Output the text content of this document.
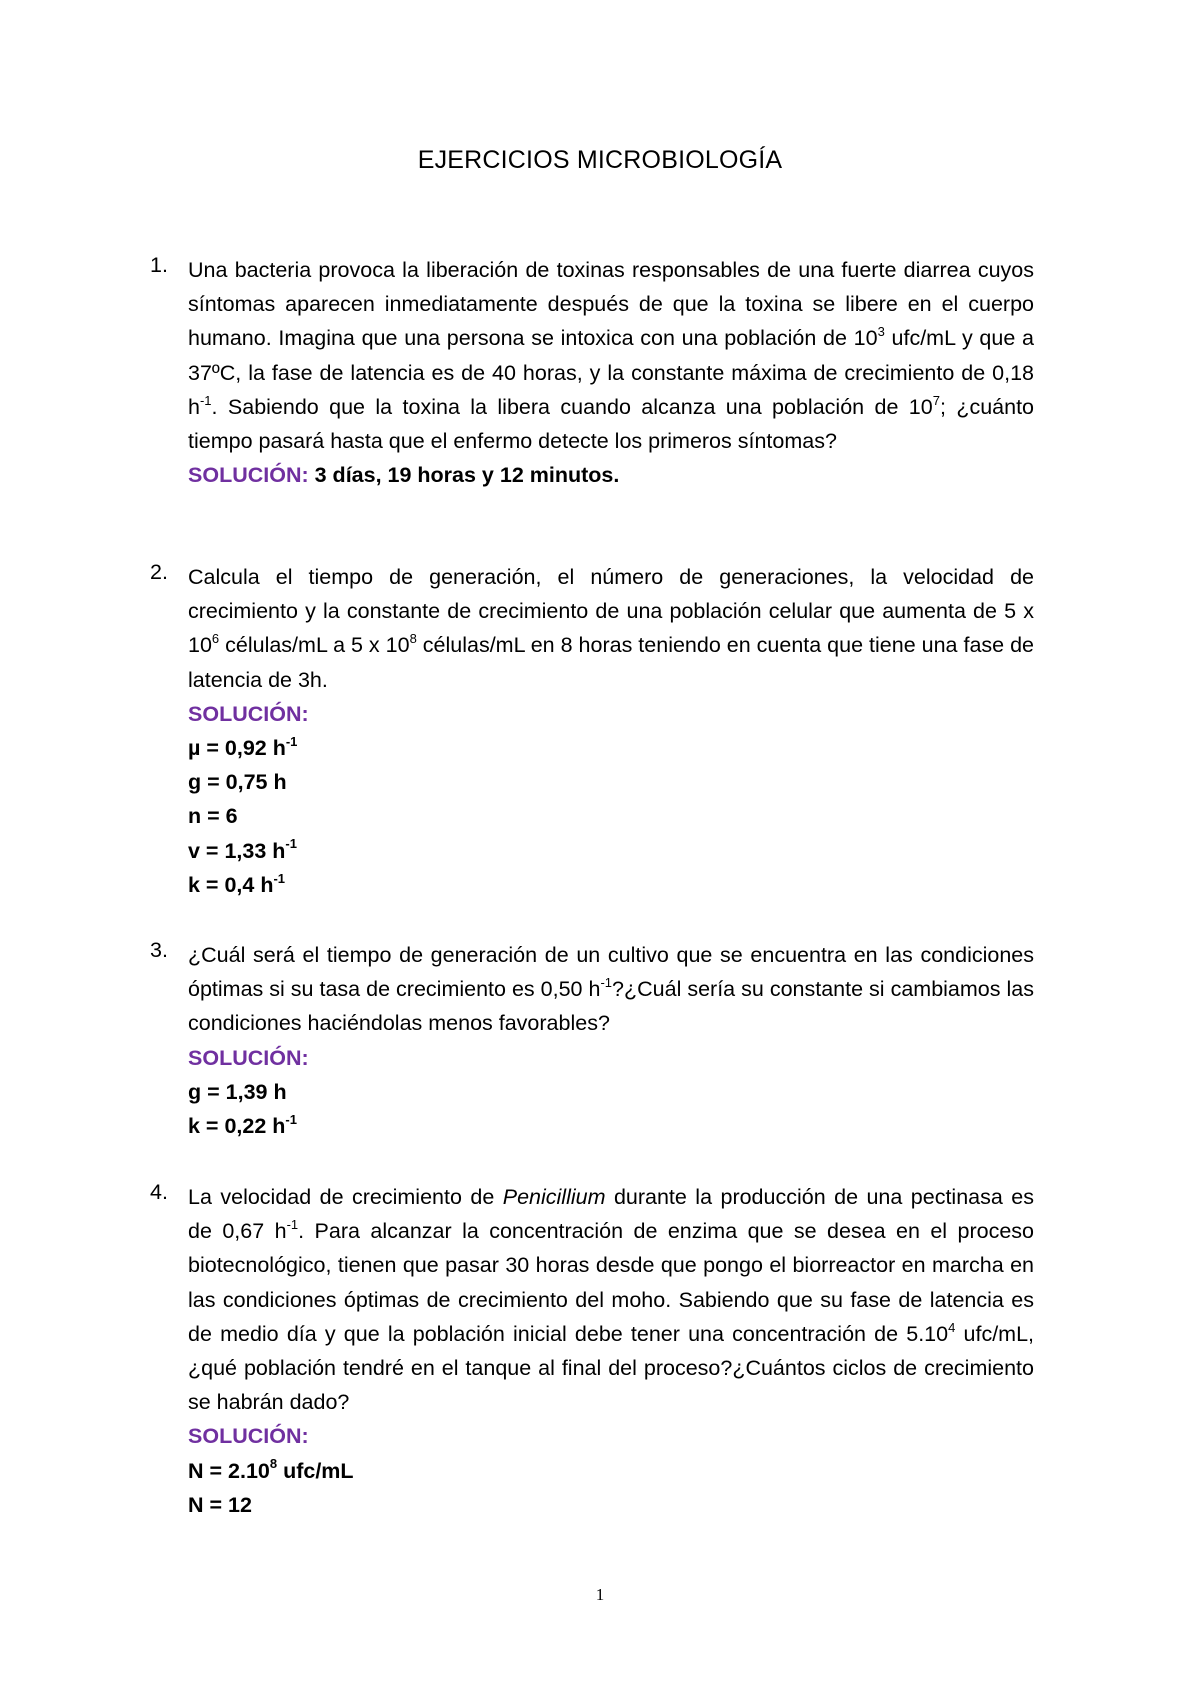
EJERCICIOS MICROBIOLOGÍA
1. Una bacteria provoca la liberación de toxinas responsables de una fuerte diarrea cuyos síntomas aparecen inmediatamente después de que la toxina se libere en el cuerpo humano. Imagina que una persona se intoxica con una población de $10^3$ ufc/mL y que a 37ºC, la fase de latencia es de 40 horas, y la constante máxima de crecimiento de 0,18 $h^{-1}$. Sabiendo que la toxina la libera cuando alcanza una población de $10^7$; ¿cuánto tiempo pasará hasta que el enfermo detecte los primeros síntomas?

SOLUCIÓN: 3 días, 19 horas y 12 minutos.

2. Calcula el tiempo de generación, el número de generaciones, la velocidad de crecimiento y la constante de crecimiento de una población celular que aumenta de 5 x $10^6$ células/mL a 5 x $10^8$ células/mL en 8 horas teniendo en cuenta que tiene una fase de latencia de 3h.

SOLUCIÓN:

µ = 0,92 $h^{-1}$

g = 0,75 h

n = 6

v = 1,33 $h^{-1}$

k = 0,4 $h^{-1}$

3. ¿Cuál será el tiempo de generación de un cultivo que se encuentra en las condiciones óptimas si su tasa de crecimiento es 0,50 $h^{-1}?¿Cuál$ sería su constante si cambiamos las condiciones haciéndolas menos favorables?

SOLUCIÓN:

g = 1,39 h

k = 0,22 $h^{-1}$

4. La velocidad de crecimiento de Penicillium durante la producción de una pectinasa es de 0,67 $h^{-1}$. Para alcanzar la concentración de enzima que se desea en el proceso biotecnológico, tienen que pasar 30 horas desde que pongo el biorreactor en marcha en las condiciones óptimas de crecimiento del moho. Sabiendo que su fase de latencia es de medio día y que la población inicial debe tener una concentración de 5.10$^4$ ufc/mL, ¿qué población tendré en el tanque al final del proceso?¿Cuántos ciclos de crecimiento se habrán dado?

SOLUCIÓN:

$N = 2.10^8$ ufc/mL

N = 12

1
